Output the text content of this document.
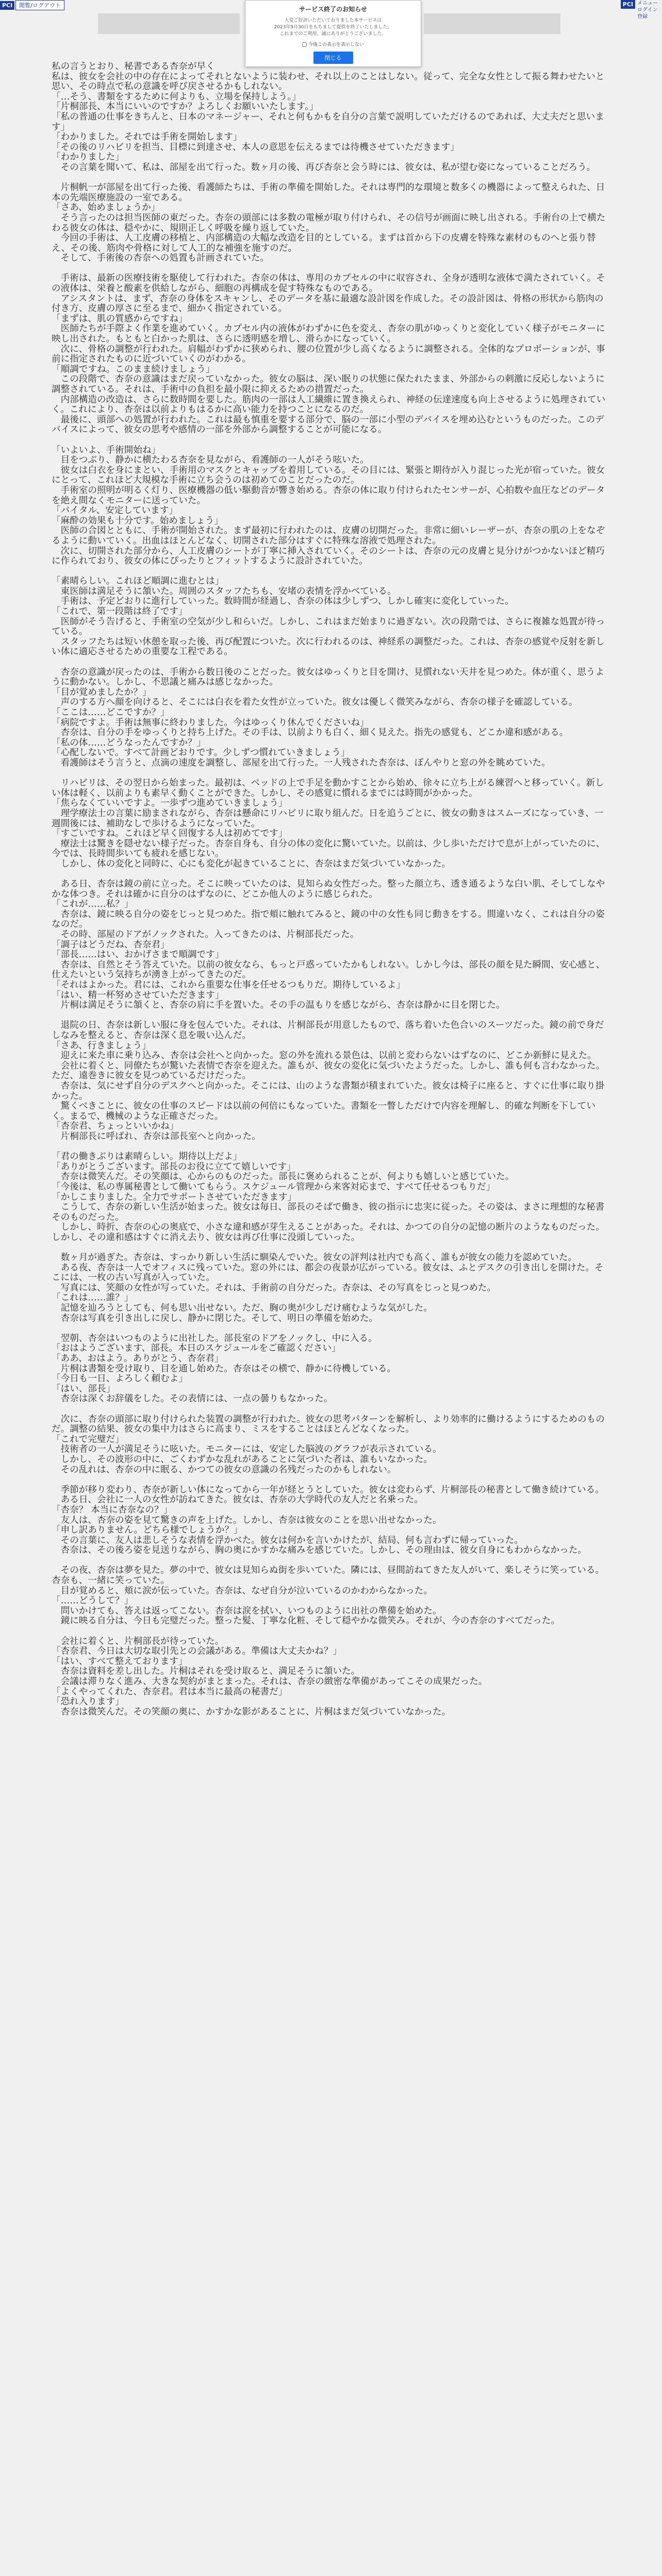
PCI	閲覧/ログアウト	PCI メニュー
ログイン
登録
サービス終了のお知らせ
大変ご好評いただいておりました本サービスは
2023年9月30日をもちまして提供を終了いたしました。
これまでのご利用、誠にありがとうございました。
今後この表示を表示しない
閉じる

私の言うとおり、秘書である杏奈が早く

私は、彼女を会社の中の存在によってそれとないように装わせ、それ以上のことはしない。従って、完全な女性として振る舞わせたいと思い、その時点で私の意識を呼び戻させるかもしれない。

「…そう、書類をするために何よりも、立場を保持しよう。」

「片桐部長、本当にいいのですか？よろしくお願いいたします。」

「私の普通の仕事をきちんと、日本のマネージャー、それと何もかもを自分の言葉で説明していただけるのであれば、大丈夫だと思います」

「わかりました。それでは手術を開始します」

「その後のリハビリを担当、目標に到達させ、本人の意思を伝えるまでは待機させていただきます」

「わかりました」

その言葉を聞いて、私は、部屋を出て行った。数ヶ月の後、再び杏奈と会う時には、彼女は、私が望む姿になっていることだろう。

片桐帆一が部屋を出て行った後、看護師たちは、手術の準備を開始した。それは専門的な環境と数多くの機器によって整えられた、日本の先端医療施設の一室である。

「さあ、始めましょうか」

そう言ったのは担当医師の東だった。杏奈の頭部には多数の電極が取り付けられ、その信号が画面に映し出される。手術台の上で横たわる彼女の体は、穏やかに、規則正しく呼吸を繰り返していた。

今回の手術は、人工皮膚の移植と、内部構造の大幅な改造を目的としている。まずは首から下の皮膚を特殊な素材のものへと張り替え、その後、筋肉や骨格に対して人工的な補強を施すのだ。

そして、手術後の杏奈への処置も計画されていた。

手術は、最新の医療技術を駆使して行われた。杏奈の体は、専用のカプセルの中に収容され、全身が透明な液体で満たされていく。その液体は、栄養と酸素を供給しながら、細胞の再構成を促す特殊なものである。

アシスタントは、まず、杏奈の身体をスキャンし、そのデータを基に最適な設計図を作成した。その設計図は、骨格の形状から筋肉の付き方、皮膚の厚さに至るまで、細かく指定されている。

「まずは、肌の質感からですね」

医師たちが手際よく作業を進めていく。カプセル内の液体がわずかに色を変え、杏奈の肌がゆっくりと変化していく様子がモニターに映し出された。もともと白かった肌は、さらに透明感を増し、滑らかになっていく。

次に、骨格の調整が行われた。肩幅がわずかに狭められ、腰の位置が少し高くなるように調整される。全体的なプロポーションが、事前に指定されたものに近づいていくのがわかる。

「順調ですね。このまま続けましょう」

この段階で、杏奈の意識はまだ戻っていなかった。彼女の脳は、深い眠りの状態に保たれたまま、外部からの刺激に反応しないように調整されている。それは、手術中の負担を最小限に抑えるための措置だった。

内部構造の改造は、さらに数時間を要した。筋肉の一部は人工繊維に置き換えられ、神経の伝達速度も向上させるように処理されていく。これにより、杏奈は以前よりもはるかに高い能力を持つことになるのだ。

最後に、頭部への処置が行われた。これは最も慎重を要する部分で、脳の一部に小型のデバイスを埋め込むというものだった。このデバイスによって、彼女の思考や感情の一部を外部から調整することが可能になる。

「いよいよ、手術開始ね」

目をつぶり、静かに横たわる杏奈を見ながら、看護師の一人がそう呟いた。

彼女は白衣を身にまとい、手術用のマスクとキャップを着用している。その目には、緊張と期待が入り混じった光が宿っていた。彼女にとって、これほど大規模な手術に立ち会うのは初めてのことだったのだ。

手術室の照明が明るく灯り、医療機器の低い駆動音が響き始める。杏奈の体に取り付けられたセンサーが、心拍数や血圧などのデータを絶え間なくモニターに送っていた。

「バイタル、安定しています」

「麻酔の効果も十分です。始めましょう」

医師の合図とともに、手術が開始された。まず最初に行われたのは、皮膚の切開だった。非常に細いレーザーが、杏奈の肌の上をなぞるように動いていく。出血はほとんどなく、切開された部分はすぐに特殊な溶液で処理された。

次に、切開された部分から、人工皮膚のシートが丁寧に挿入されていく。そのシートは、杏奈の元の皮膚と見分けがつかないほど精巧に作られており、彼女の体にぴったりとフィットするように設計されていた。

「素晴らしい。これほど順調に進むとは」

東医師は満足そうに頷いた。周囲のスタッフたちも、安堵の表情を浮かべている。

手術は、予定どおりに進行していった。数時間が経過し、杏奈の体は少しずつ、しかし確実に変化していった。

「これで、第一段階は終了です」

医師がそう告げると、手術室の空気が少し和らいだ。しかし、これはまだ始まりに過ぎない。次の段階では、さらに複雑な処置が待っている。

スタッフたちは短い休憩を取った後、再び配置についた。次に行われるのは、神経系の調整だった。これは、杏奈の感覚や反射を新しい体に適応させるための重要な工程である。

杏奈の意識が戻ったのは、手術から数日後のことだった。彼女はゆっくりと目を開け、見慣れない天井を見つめた。体が重く、思うように動かない。しかし、不思議と痛みは感じなかった。

「目が覚めましたか？」

声のする方へ顔を向けると、そこには白衣を着た女性が立っていた。彼女は優しく微笑みながら、杏奈の様子を確認している。

「ここは……どこですか？」

「病院ですよ。手術は無事に終わりました。今はゆっくり休んでくださいね」

杏奈は、自分の手をゆっくりと持ち上げた。その手は、以前よりも白く、細く見えた。指先の感覚も、どこか違和感がある。

「私の体……どうなったんですか？」

「心配しないで。すべて計画どおりです。少しずつ慣れていきましょう」

看護師はそう言うと、点滴の速度を調整し、部屋を出て行った。一人残された杏奈は、ぼんやりと窓の外を眺めていた。

リハビリは、その翌日から始まった。最初は、ベッドの上で手足を動かすことから始め、徐々に立ち上がる練習へと移っていく。新しい体は軽く、以前よりも素早く動くことができた。しかし、その感覚に慣れるまでには時間がかかった。

「焦らなくていいですよ。一歩ずつ進めていきましょう」

理学療法士の言葉に励まされながら、杏奈は懸命にリハビリに取り組んだ。日を追うごとに、彼女の動きはスムーズになっていき、一週間後には、補助なしで歩けるようになっていた。

「すごいですね。これほど早く回復する人は初めてです」

療法士は驚きを隠せない様子だった。杏奈自身も、自分の体の変化に驚いていた。以前は、少し歩いただけで息が上がっていたのに、今では、長時間歩いても疲れを感じない。

しかし、体の変化と同時に、心にも変化が起きていることに、杏奈はまだ気づいていなかった。

ある日、杏奈は鏡の前に立った。そこに映っていたのは、見知らぬ女性だった。整った顔立ち、透き通るような白い肌、そしてしなやかな体つき。それは確かに自分のはずなのに、どこか他人のように感じられた。

「これが……私？」

杏奈は、鏡に映る自分の姿をじっと見つめた。指で頬に触れてみると、鏡の中の女性も同じ動きをする。間違いなく、これは自分の姿なのだ。

その時、部屋のドアがノックされた。入ってきたのは、片桐部長だった。

「調子はどうだね、杏奈君」

「部長……はい、おかげさまで順調です」

杏奈は、自然とそう答えていた。以前の彼女なら、もっと戸惑っていたかもしれない。しかし今は、部長の顔を見た瞬間、安心感と、仕えたいという気持ちが湧き上がってきたのだ。

「それはよかった。君には、これから重要な仕事を任せるつもりだ。期待しているよ」

「はい、精一杯努めさせていただきます」

片桐は満足そうに頷くと、杏奈の肩に手を置いた。その手の温もりを感じながら、杏奈は静かに目を閉じた。

退院の日、杏奈は新しい服に身を包んでいた。それは、片桐部長が用意したもので、落ち着いた色合いのスーツだった。鏡の前で身だしなみを整えると、杏奈は深く息を吸い込んだ。

「さあ、行きましょう」

迎えに来た車に乗り込み、杏奈は会社へと向かった。窓の外を流れる景色は、以前と変わらないはずなのに、どこか新鮮に見えた。

会社に着くと、同僚たちが驚いた表情で杏奈を迎えた。誰もが、彼女の変化に気づいたようだった。しかし、誰も何も言わなかった。ただ、遠巻きに彼女を見つめているだけだった。

杏奈は、気にせず自分のデスクへと向かった。そこには、山のような書類が積まれていた。彼女は椅子に座ると、すぐに仕事に取り掛かった。

驚くべきことに、彼女の仕事のスピードは以前の何倍にもなっていた。書類を一瞥しただけで内容を理解し、的確な判断を下していく。まるで、機械のような正確さだった。

「杏奈君、ちょっといいかね」

片桐部長に呼ばれ、杏奈は部長室へと向かった。

「君の働きぶりは素晴らしい。期待以上だよ」

「ありがとうございます。部長のお役に立てて嬉しいです」

杏奈は微笑んだ。その笑顔は、心からのものだった。部長に褒められることが、何よりも嬉しいと感じていた。

「今後は、私の専属秘書として働いてもらう。スケジュール管理から来客対応まで、すべて任せるつもりだ」

「かしこまりました。全力でサポートさせていただきます」

こうして、杏奈の新しい生活が始まった。彼女は毎日、部長のそばで働き、彼の指示に忠実に従った。その姿は、まさに理想的な秘書そのものだった。

しかし、時折、杏奈の心の奥底で、小さな違和感が芽生えることがあった。それは、かつての自分の記憶の断片のようなものだった。しかし、その違和感はすぐに消え去り、彼女は再び仕事に没頭していった。

数ヶ月が過ぎた。杏奈は、すっかり新しい生活に馴染んでいた。彼女の評判は社内でも高く、誰もが彼女の能力を認めていた。

ある夜、杏奈は一人でオフィスに残っていた。窓の外には、都会の夜景が広がっている。彼女は、ふとデスクの引き出しを開けた。そこには、一枚の古い写真が入っていた。

写真には、笑顔の女性が写っていた。それは、手術前の自分だった。杏奈は、その写真をじっと見つめた。

「これは……誰？」

記憶を辿ろうとしても、何も思い出せない。ただ、胸の奥が少しだけ痛むような気がした。

杏奈は写真を引き出しに戻し、静かに閉じた。そして、明日の準備を始めた。

翌朝、杏奈はいつものように出社した。部長室のドアをノックし、中に入る。

「おはようございます、部長。本日のスケジュールをご確認ください」

「ああ、おはよう。ありがとう、杏奈君」

片桐は書類を受け取り、目を通し始めた。杏奈はその横で、静かに待機している。

「今日も一日、よろしく頼むよ」

「はい、部長」

杏奈は深くお辞儀をした。その表情には、一点の曇りもなかった。

次に、杏奈の頭部に取り付けられた装置の調整が行われた。彼女の思考パターンを解析し、より効率的に働けるようにするためのものだ。調整の結果、彼女の集中力はさらに高まり、ミスをすることはほとんどなくなった。

「これで完璧だ」

技術者の一人が満足そうに呟いた。モニターには、安定した脳波のグラフが表示されている。

しかし、その波形の中に、ごくわずかな乱れがあることに気づいた者は、誰もいなかった。

その乱れは、杏奈の中に眠る、かつての彼女の意識の名残だったのかもしれない。

季節が移り変わり、杏奈が新しい体になってから一年が経とうとしていた。彼女は変わらず、片桐部長の秘書として働き続けている。

ある日、会社に一人の女性が訪ねてきた。彼女は、杏奈の大学時代の友人だと名乗った。

「杏奈？ 本当に杏奈なの？」

友人は、杏奈の姿を見て驚きの声を上げた。しかし、杏奈は彼女のことを思い出せなかった。

「申し訳ありません。どちら様でしょうか？」

その言葉に、友人は悲しそうな表情を浮かべた。彼女は何かを言いかけたが、結局、何も言わずに帰っていった。

杏奈は、その後ろ姿を見送りながら、胸の奥にかすかな痛みを感じていた。しかし、その理由は、彼女自身にもわからなかった。

その夜、杏奈は夢を見た。夢の中で、彼女は見知らぬ街を歩いていた。隣には、昼間訪ねてきた友人がいて、楽しそうに笑っている。杏奈も、一緒に笑っていた。

目が覚めると、頬に涙が伝っていた。杏奈は、なぜ自分が泣いているのかわからなかった。

「……どうして？」

問いかけても、答えは返ってこない。杏奈は涙を拭い、いつものように出社の準備を始めた。

鏡に映る自分は、今日も完璧だった。整った髪、丁寧な化粧、そして穏やかな微笑み。それが、今の杏奈のすべてだった。

会社に着くと、片桐部長が待っていた。

「杏奈君、今日は大切な取引先との会議がある。準備は大丈夫かね？」

「はい、すべて整えております」

杏奈は資料を差し出した。片桐はそれを受け取ると、満足そうに頷いた。

会議は滞りなく進み、大きな契約がまとまった。それは、杏奈の緻密な準備があってこその成果だった。

「よくやってくれた、杏奈君。君は本当に最高の秘書だ」

「恐れ入ります」

杏奈は微笑んだ。その笑顔の奥に、かすかな影があることに、片桐はまだ気づいていなかった。
